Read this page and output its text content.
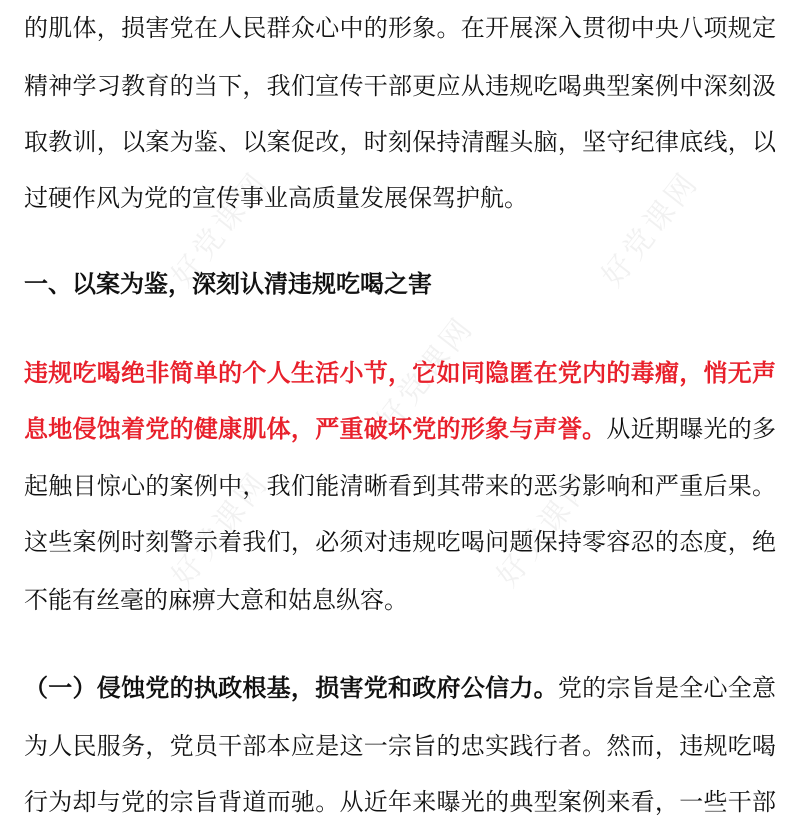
好党课网	好党课网
好党课网
好党课网	好党课网
的肌体，损害党在人民群众心中的形象。在开展深入贯彻中央八项规定
精神学习教育的当下，我们宣传干部更应从违规吃喝典型案例中深刻汲
取教训，以案为鉴、以案促改，时刻保持清醒头脑，坚守纪律底线，以
过硬作风为党的宣传事业高质量发展保驾护航。
一、以案为鉴，深刻认清违规吃喝之害
违规吃喝绝非简单的个人生活小节，它如同隐匿在党内的毒瘤，悄无声
息地侵蚀着党的健康肌体，严重破坏党的形象与声誉。从近期曝光的多
起触目惊心的案例中，我们能清晰看到其带来的恶劣影响和严重后果。
这些案例时刻警示着我们，必须对违规吃喝问题保持零容忍的态度，绝
不能有丝毫的麻痹大意和姑息纵容。
（一）侵蚀党的执政根基，损害党和政府公信力。党的宗旨是全心全意
为人民服务，党员干部本应是这一宗旨的忠实践行者。然而，违规吃喝
行为却与党的宗旨背道而驰。从近年来曝光的典型案例来看，一些干部
